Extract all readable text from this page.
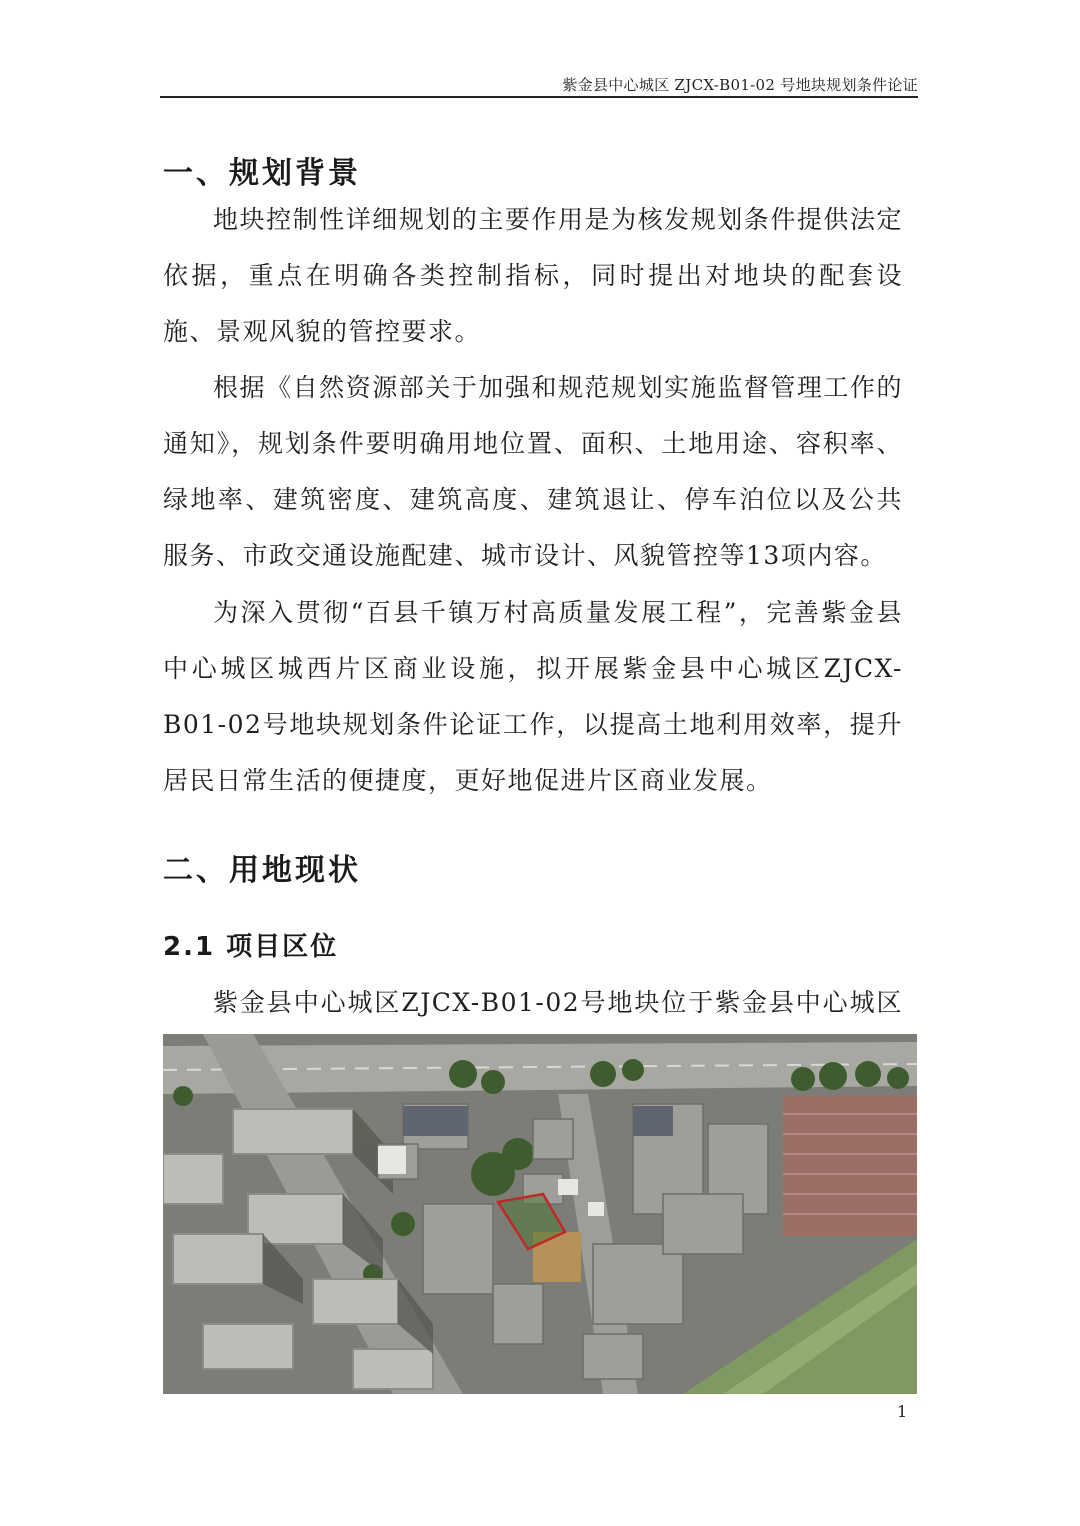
紫金县中心城区 ZJCX-B01-02 号地块规划条件论证
一、规划背景

地块控制性详细规划的主要作用是为核发规划条件提供法定依据，重点在明确各类控制指标，同时提出对地块的配套设施、景观风貌的管控要求。

根据《自然资源部关于加强和规范规划实施监督管理工作的通知》，规划条件要明确用地位置、面积、土地用途、容积率、绿地率、建筑密度、建筑高度、建筑退让、停车泊位以及公共服务、市政交通设施配建、城市设计、风貌管控等13项内容。

为深入贯彻“百县千镇万村高质量发展工程”，完善紫金县中心城区城西片区商业设施，拟开展紫金县中心城区ZJCX-B01-02号地块规划条件论证工作，以提高土地利用效率，提升居民日常生活的便捷度，更好地促进片区商业发展。

二、用地现状
2.1 项目区位

紫金县中心城区ZJCX-B01-02号地块位于紫金县中心城区

1
